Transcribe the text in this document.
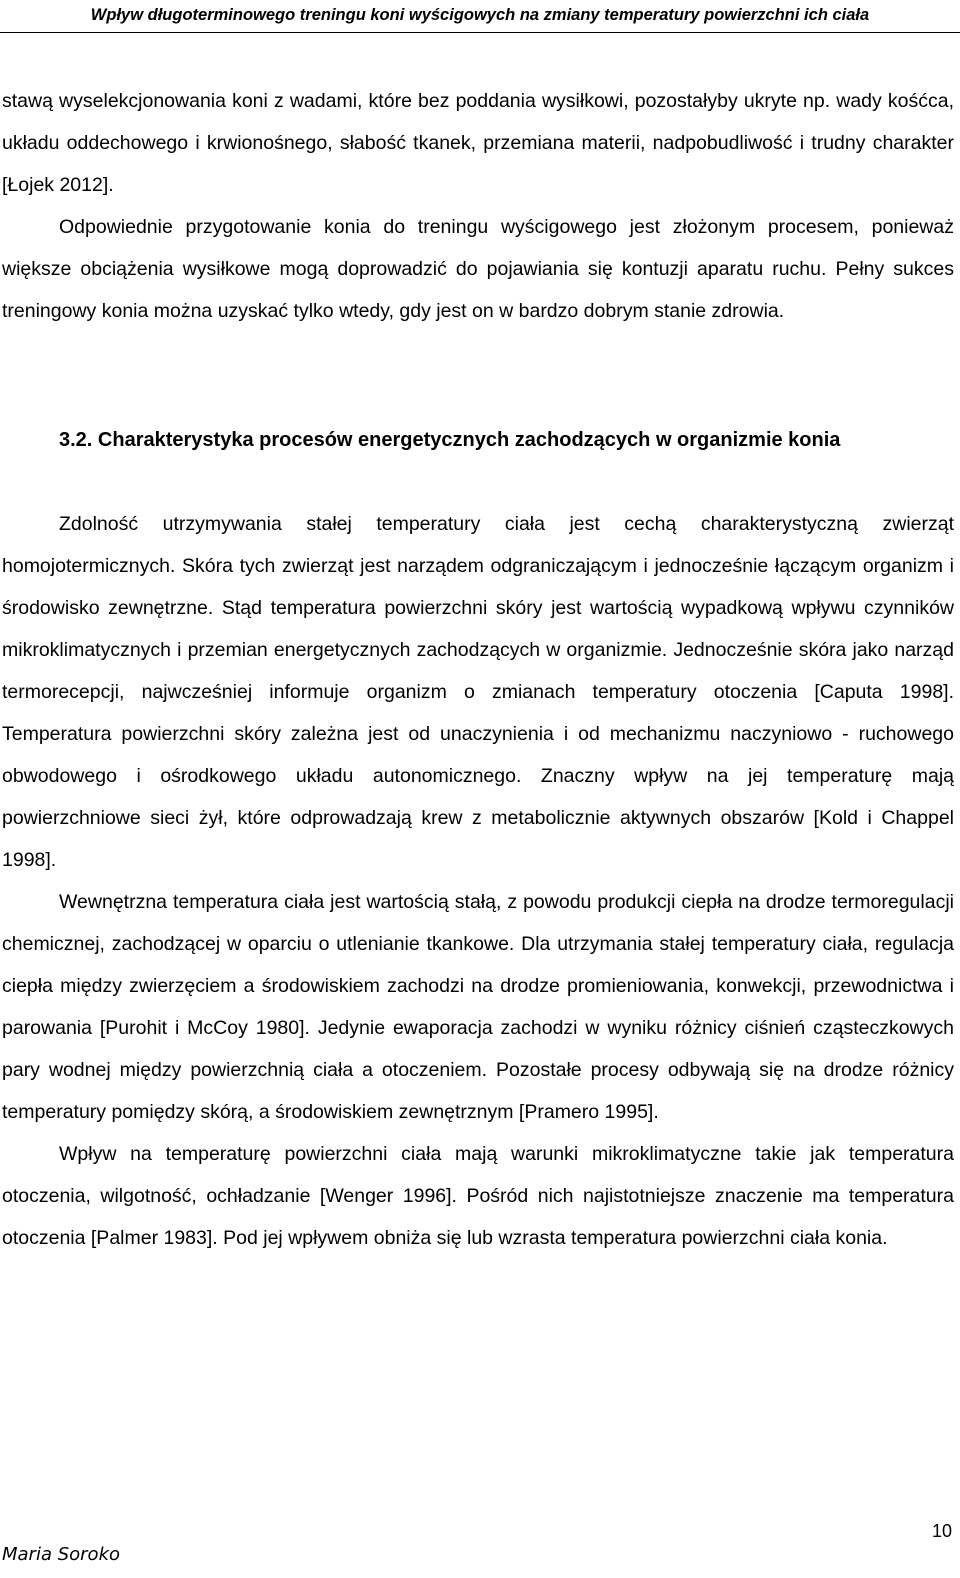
Wpływ długoterminowego treningu koni wyścigowych na zmiany temperatury powierzchni ich ciała

stawą wyselekcjonowania koni z wadami, które bez poddania wysiłkowi, pozostałyby ukryte np. wady kośćca, układu oddechowego i krwionośnego, słabość tkanek, przemiana materii, nadpobudliwość i trudny charakter [Łojek 2012].

Odpowiednie przygotowanie konia do treningu wyścigowego jest złożonym procesem, ponieważ większe obciążenia wysiłkowe mogą doprowadzić do pojawiania się kontuzji aparatu ruchu. Pełny sukces treningowy konia można uzyskać tylko wtedy, gdy jest on w bardzo dobrym stanie zdrowia.

3.2. Charakterystyka procesów energetycznych zachodzących w organizmie konia

Zdolność utrzymywania stałej temperatury ciała jest cechą charakterystyczną zwierząt homojotermicznych. Skóra tych zwierząt jest narządem odgraniczającym i jednocześnie łączącym organizm i środowisko zewnętrzne. Stąd temperatura powierzchni skóry jest wartością wypadkową wpływu czynników mikroklimatycznych i przemian energetycznych zachodzących w organizmie. Jednocześnie skóra jako narząd termorecepcji, najwcześniej informuje organizm o zmianach temperatury otoczenia [Caputa 1998]. Temperatura powierzchni skóry zależna jest od unaczynienia i od mechanizmu naczyniowo - ruchowego obwodowego i ośrodkowego układu autonomicznego. Znaczny wpływ na jej temperaturę mają powierzchniowe sieci żył, które odprowadzają krew z metabolicznie aktywnych obszarów [Kold i Chappel 1998].

Wewnętrzna temperatura ciała jest wartością stałą, z powodu produkcji ciepła na drodze termoregulacji chemicznej, zachodzącej w oparciu o utlenianie tkankowe. Dla utrzymania stałej temperatury ciała, regulacja ciepła między zwierzęciem a środowiskiem zachodzi na drodze promieniowania, konwekcji, przewodnictwa i parowania [Purohit i McCoy 1980]. Jedynie ewaporacja zachodzi w wyniku różnicy ciśnień cząsteczkowych pary wodnej między powierzchnią ciała a otoczeniem. Pozostałe procesy odbywają się na drodze różnicy temperatury pomiędzy skórą, a środowiskiem zewnętrznym [Pramero 1995].

Wpływ na temperaturę powierzchni ciała mają warunki mikroklimatyczne takie jak temperatura otoczenia, wilgotność, ochładzanie [Wenger 1996]. Pośród nich najistotniejsze znaczenie ma temperatura otoczenia [Palmer 1983]. Pod jej wpływem obniża się lub wzrasta temperatura powierzchni ciała konia.

10
Maria Soroko
